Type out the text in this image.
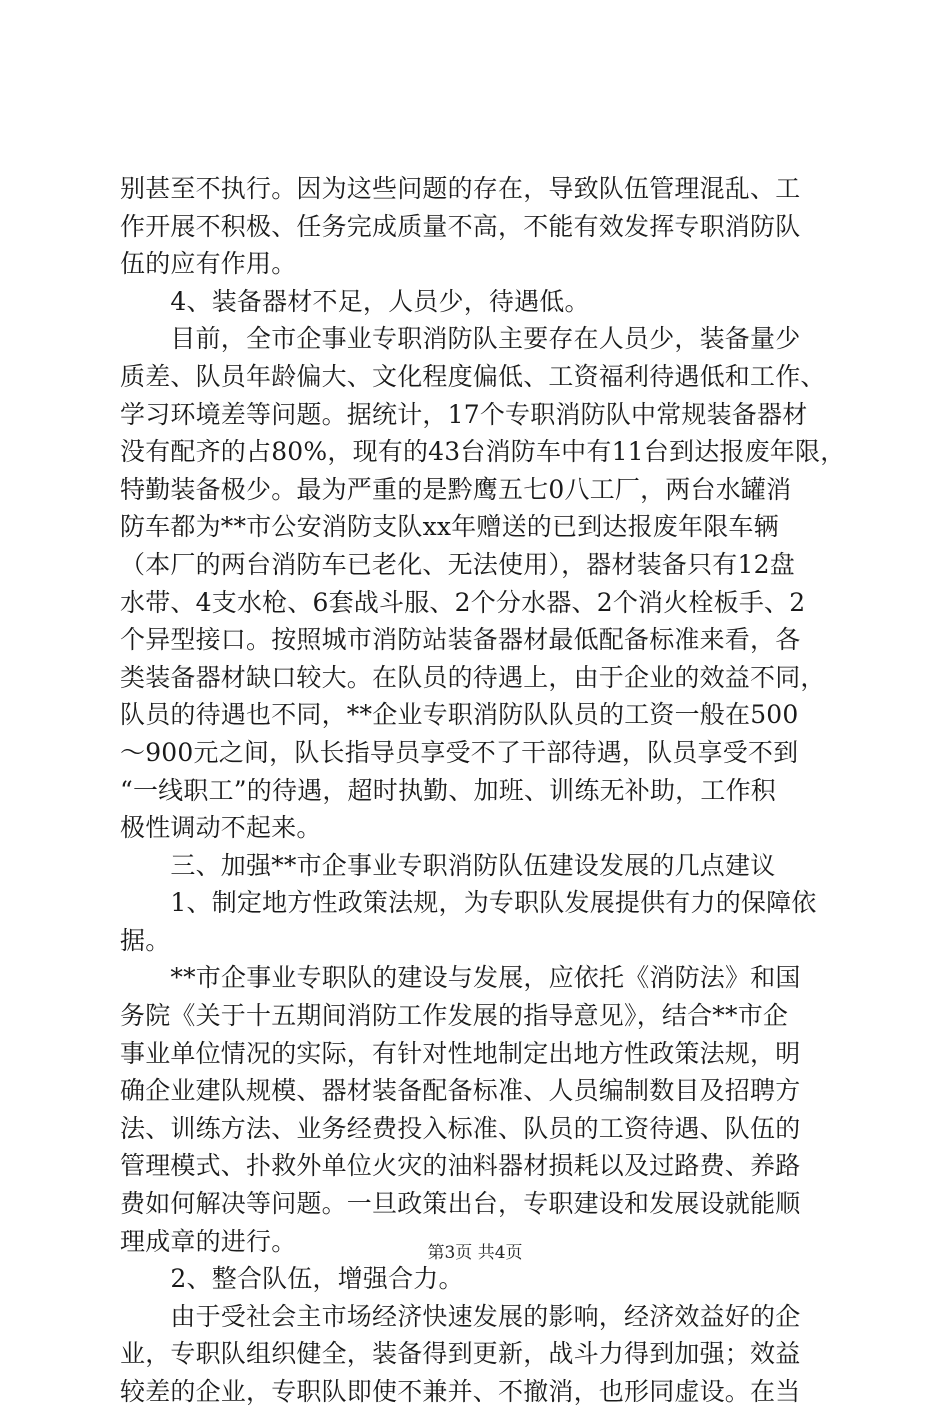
别甚至不执行。因为这些问题的存在，导致队伍管理混乱、工
作开展不积极、任务完成质量不高，不能有效发挥专职消防队
伍的应有作用。
　　4、装备器材不足，人员少，待遇低。
　　目前，全市企事业专职消防队主要存在人员少，装备量少
质差、队员年龄偏大、文化程度偏低、工资福利待遇低和工作、
学习环境差等问题。据统计，17个专职消防队中常规装备器材
没有配齐的占80%，现有的43台消防车中有11台到达报废年限，
特勤装备极少。最为严重的是黔鹰五七0八工厂，两台水罐消
防车都为**市公安消防支队xx年赠送的已到达报废年限车辆
（本厂的两台消防车已老化、无法使用），器材装备只有12盘
水带、4支水枪、6套战斗服、2个分水器、2个消火栓板手、2
个异型接口。按照城市消防站装备器材最低配备标准来看，各
类装备器材缺口较大。在队员的待遇上，由于企业的效益不同，
队员的待遇也不同，**企业专职消防队队员的工资一般在500
～900元之间，队长指导员享受不了干部待遇，队员享受不到
“一线职工”的待遇，超时执勤、加班、训练无补助，工作积
极性调动不起来。
　　三、加强**市企事业专职消防队伍建设发展的几点建议
　　1、制定地方性政策法规，为专职队发展提供有力的保障依
据。
　　**市企事业专职队的建设与发展，应依托《消防法》和国
务院《关于十五期间消防工作发展的指导意见》，结合**市企
事业单位情况的实际，有针对性地制定出地方性政策法规，明
确企业建队规模、器材装备配备标准、人员编制数目及招聘方
法、训练方法、业务经费投入标准、队员的工资待遇、队伍的
管理模式、扑救外单位火灾的油料器材损耗以及过路费、养路
费如何解决等问题。一旦政策出台，专职建设和发展设就能顺
理成章的进行。
　　2、整合队伍，增强合力。
　　由于受社会主市场经济快速发展的影响，经济效益好的企
业，专职队组织健全，装备得到更新，战斗力得到加强；效益
较差的企业，专职队即使不兼并、不撤消，也形同虚设。在当
第3页 共4页
